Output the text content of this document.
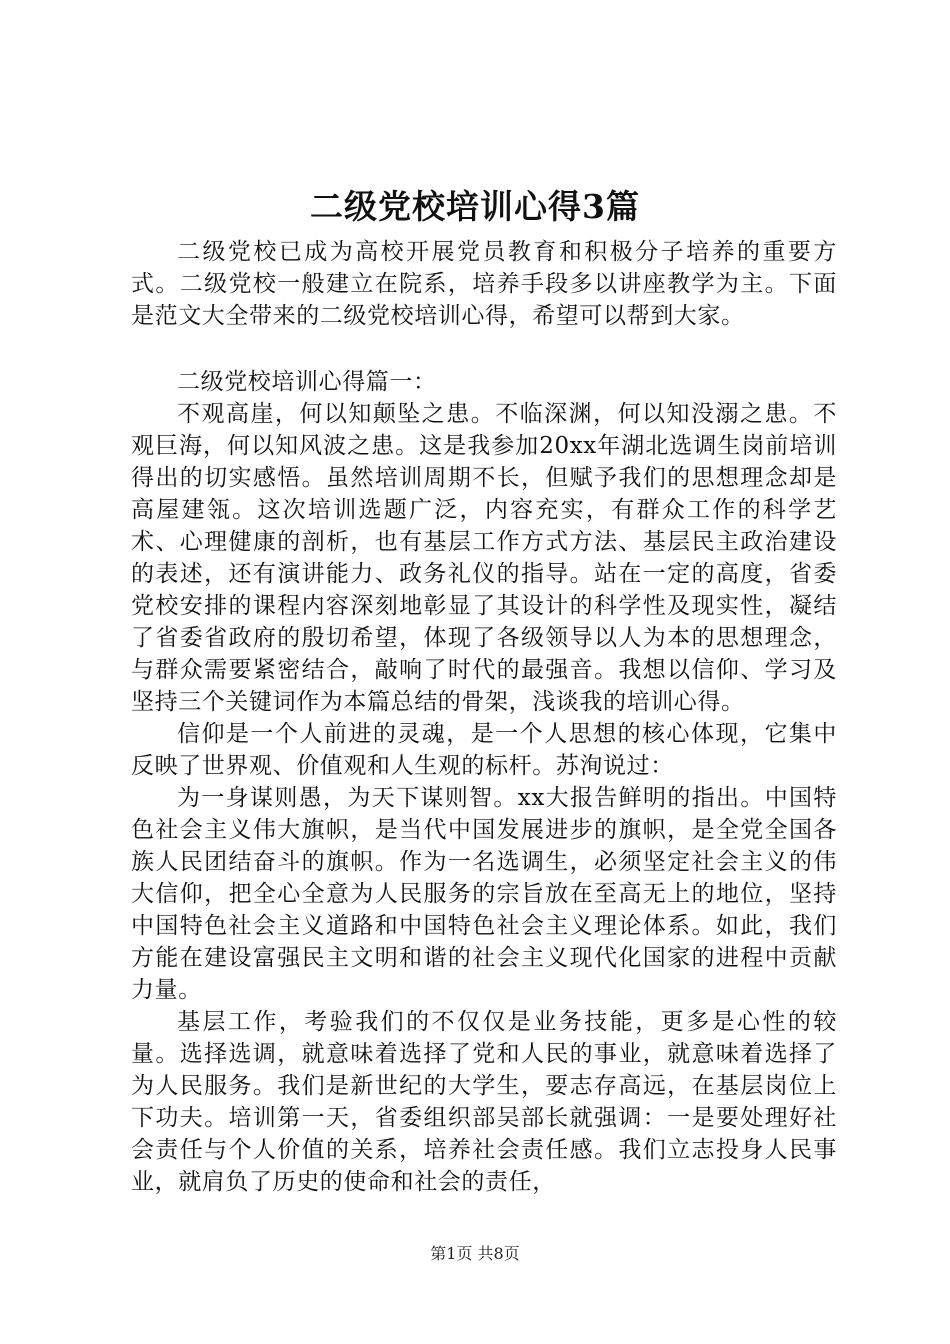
二级党校培训心得3篇

二级党校已成为高校开展党员教育和积极分子培养的重要方式。二级党校一般建立在院系，培养手段多以讲座教学为主。下面是范文大全带来的二级党校培训心得，希望可以帮到大家。

二级党校培训心得篇一：

不观高崖，何以知颠坠之患。不临深渊，何以知没溺之患。不观巨海，何以知风波之患。这是我参加20xx年湖北选调生岗前培训得出的切实感悟。虽然培训周期不长，但赋予我们的思想理念却是高屋建瓴。这次培训选题广泛，内容充实，有群众工作的科学艺术、心理健康的剖析，也有基层工作方式方法、基层民主政治建设的表述，还有演讲能力、政务礼仪的指导。站在一定的高度，省委党校安排的课程内容深刻地彰显了其设计的科学性及现实性，凝结了省委省政府的殷切希望，体现了各级领导以人为本的思想理念，与群众需要紧密结合，敲响了时代的最强音。我想以信仰、学习及坚持三个关键词作为本篇总结的骨架，浅谈我的培训心得。

信仰是一个人前进的灵魂，是一个人思想的核心体现，它集中反映了世界观、价值观和人生观的标杆。苏洵说过：

为一身谋则愚，为天下谋则智。xx大报告鲜明的指出。中国特色社会主义伟大旗帜，是当代中国发展进步的旗帜，是全党全国各族人民团结奋斗的旗帜。作为一名选调生，必须坚定社会主义的伟大信仰，把全心全意为人民服务的宗旨放在至高无上的地位，坚持中国特色社会主义道路和中国特色社会主义理论体系。如此，我们方能在建设富强民主文明和谐的社会主义现代化国家的进程中贡献力量。

基层工作，考验我们的不仅仅是业务技能，更多是心性的较量。选择选调，就意味着选择了党和人民的事业，就意味着选择了为人民服务。我们是新世纪的大学生，要志存高远，在基层岗位上下功夫。培训第一天，省委组织部吴部长就强调：一是要处理好社会责任与个人价值的关系，培养社会责任感。我们立志投身人民事业，就肩负了历史的使命和社会的责任，

第1页 共8页
